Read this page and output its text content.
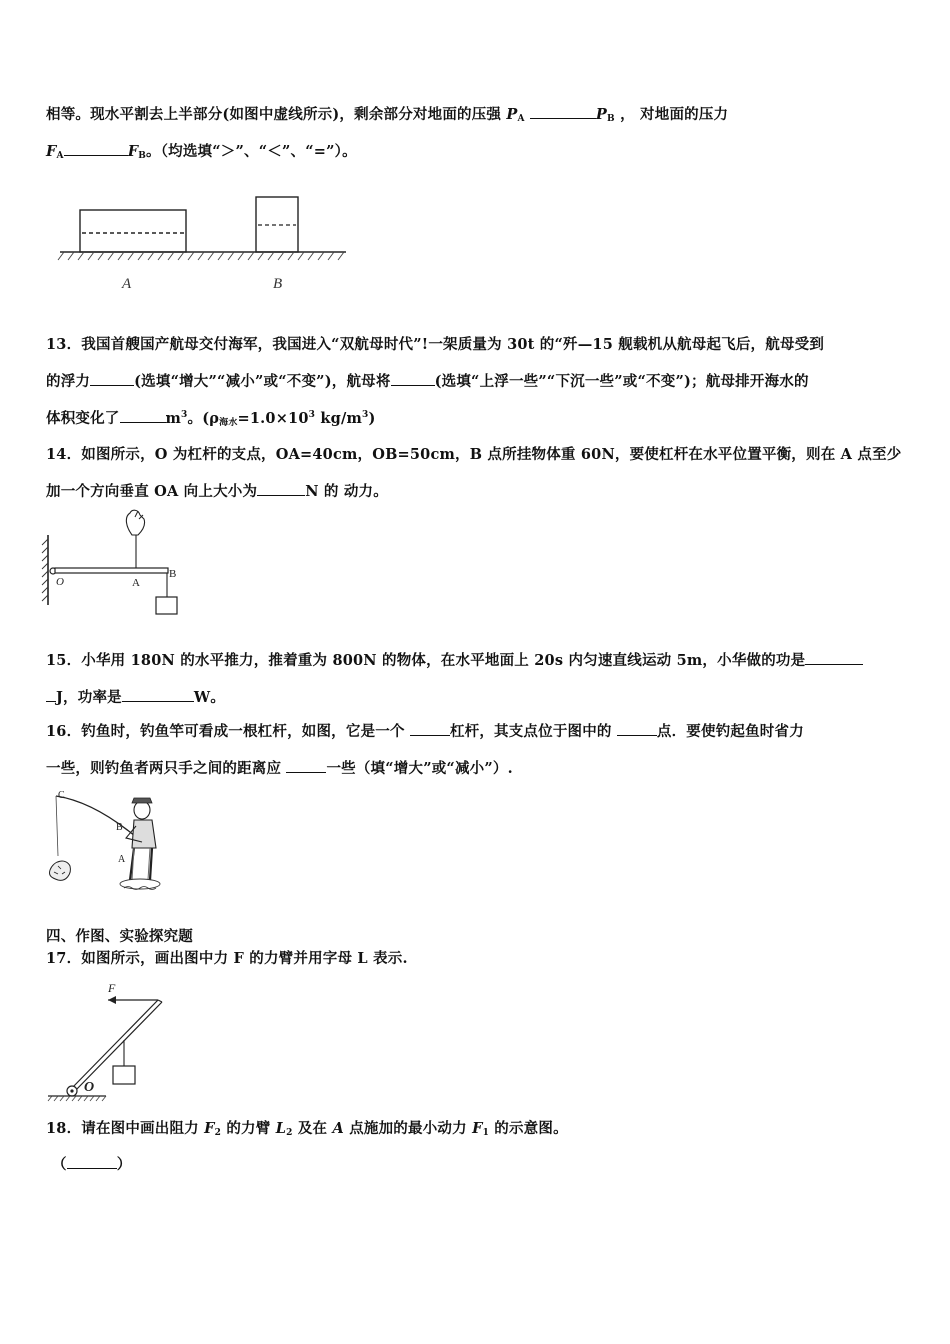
相等。现水平割去上半部分(如图中虚线所示)，剩余部分对地面的压强 $P_A$	$P_B$ ， 对地面的压力
$F_A$	$F_B$。（均选填“＞”、“＜”、“=”）。
A	B
13．我国首艘国产航母交付海军，我国进入“双航母时代”!一架质量为 30t 的“歼—15 舰载机从航母起飞后，航母受到
的浮力	(选填“增大”“减小”或“不变”)，航母将	(选填“上浮一些”“下沉一些”或“不变”)；航母排开海水的
体积变化了	$m^3$。($\rho_{海水}=1.0\times 10^3$ $kg/m^3$)
14．如图所示，O 为杠杆的支点，OA=40cm，OB=50cm，B 点所挂物体重 60N，要使杠杆在水平位置平衡，则在 A 点至少
加一个方向垂直 OA 向上大小为	N 的 动力。
O	A
B
15．小华用 180N 的水平推力，推着重为 800N 的物体，在水平地面上 20s 内匀速直线运动 5m，小华做的功是
J，功率是	W。
16．钓鱼时，钓鱼竿可看成一根杠杆，如图，它是一个	杠杆，其支点位于图中的	点．要使钓起鱼时省力
一些，则钓鱼者两只手之间的距离应	一些（填“增大”或“减小”）.
C
B
A
四、作图、实验探究题
17．如图所示，画出图中力 F 的力臂并用字母 L 表示.
F
O
18．请在图中画出阻力 $F_2$ 的力臂 $L_2$ 及在 A 点施加的最小动力 $F_1$ 的示意图。
（	）
